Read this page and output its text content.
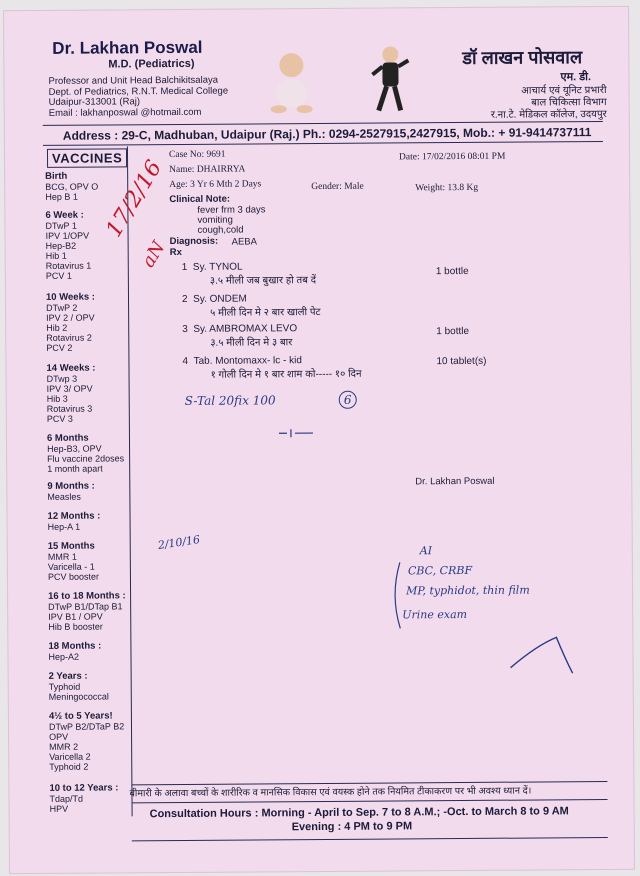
Dr. Lakhan Poswal
M.D. (Pediatrics)
Professor and Unit Head Balchikitsalaya
Dept. of Pediatrics, R.N.T. Medical College
Udaipur-313001 (Raj)
Email : lakhanposwal @hotmail.com
डॉ लाखन पोसवाल
एम. डी.
आचार्य एवं यूनिट प्रभारी
बाल चिकित्सा विभाग
र.ना.टे. मेडिकल कॉलेज, उदयपुर
Address : 29-C, Madhuban, Udaipur (Raj.) Ph.: 0294-2527915,2427915, Mob.: + 91-9414737111
VACCINES
Birth
BCG, OPV O
Hep B 1
6 Week :
DTwP 1
IPV 1/OPV
Hep-B2
Hib 1
Rotavirus 1
PCV 1
10 Weeks :
DTwP 2
IPV 2 / OPV
Hib 2
Rotavirus 2
PCV 2
14 Weeks :
DTwp 3
IPV 3/ OPV
Hib 3
Rotavirus 3
PCV 3
6 Months
Hep-B3, OPV
Flu vaccine 2doses
1 month apart
9 Months :
Measles
12 Months :
Hep-A 1
15 Months
MMR 1
Varicella - 1
PCV booster
16 to 18 Months :
DTwP B1/DTap B1
IPV B1 / OPV
Hib B booster
18 Months :
Hep-A2
2 Years :
Typhoid
Meningococcal
4½ to 5 Years!
DTwP B2/DTaP B2
OPV
MMR 2
Varicella 2
Typhoid 2
10 to 12 Years :
Tdap/Td
HPV
Case No: 9691	Date: 17/02/2016 08:01 PM
Name: DHAIRRYA
Age: 3 Yr 6 Mth 2 Days	Gender: Male	Weight: 13.8 Kg
Clinical Note:
fever frm 3 days
vomiting
cough,cold
Diagnosis: AEBA
Rx
1 Sy. TYNOL
३.५ मीली जब बुखार हो तब दें
1 bottle
2 Sy. ONDEM
५ मीली दिन मे २ बार खाली पेट
3 Sy. AMBROMAX LEVO
३.५ मीली दिन मे ३ बार
1 bottle
4 Tab. Montomaxx- lc - kid
१ गोली दिन मे १ बार शाम को----- १० दिन
10 tablet(s)
17/2/16
aN
S-Tal 20fix 100	6
Dr. Lakhan Poswal
2/10/16	AI
CBC, CRBF
MP, typhidot, thin film
Urine exam
बीमारी के अलावा बच्चों के शारीरिक व मानसिक विकास एवं वयस्क होने तक नियमित टीकाकरण पर भी अवश्य ध्यान दें।
Consultation Hours : Morning - April to Sep. 7 to 8 A.M.; -Oct. to March 8 to 9 AM
Evening : 4 PM to 9 PM
